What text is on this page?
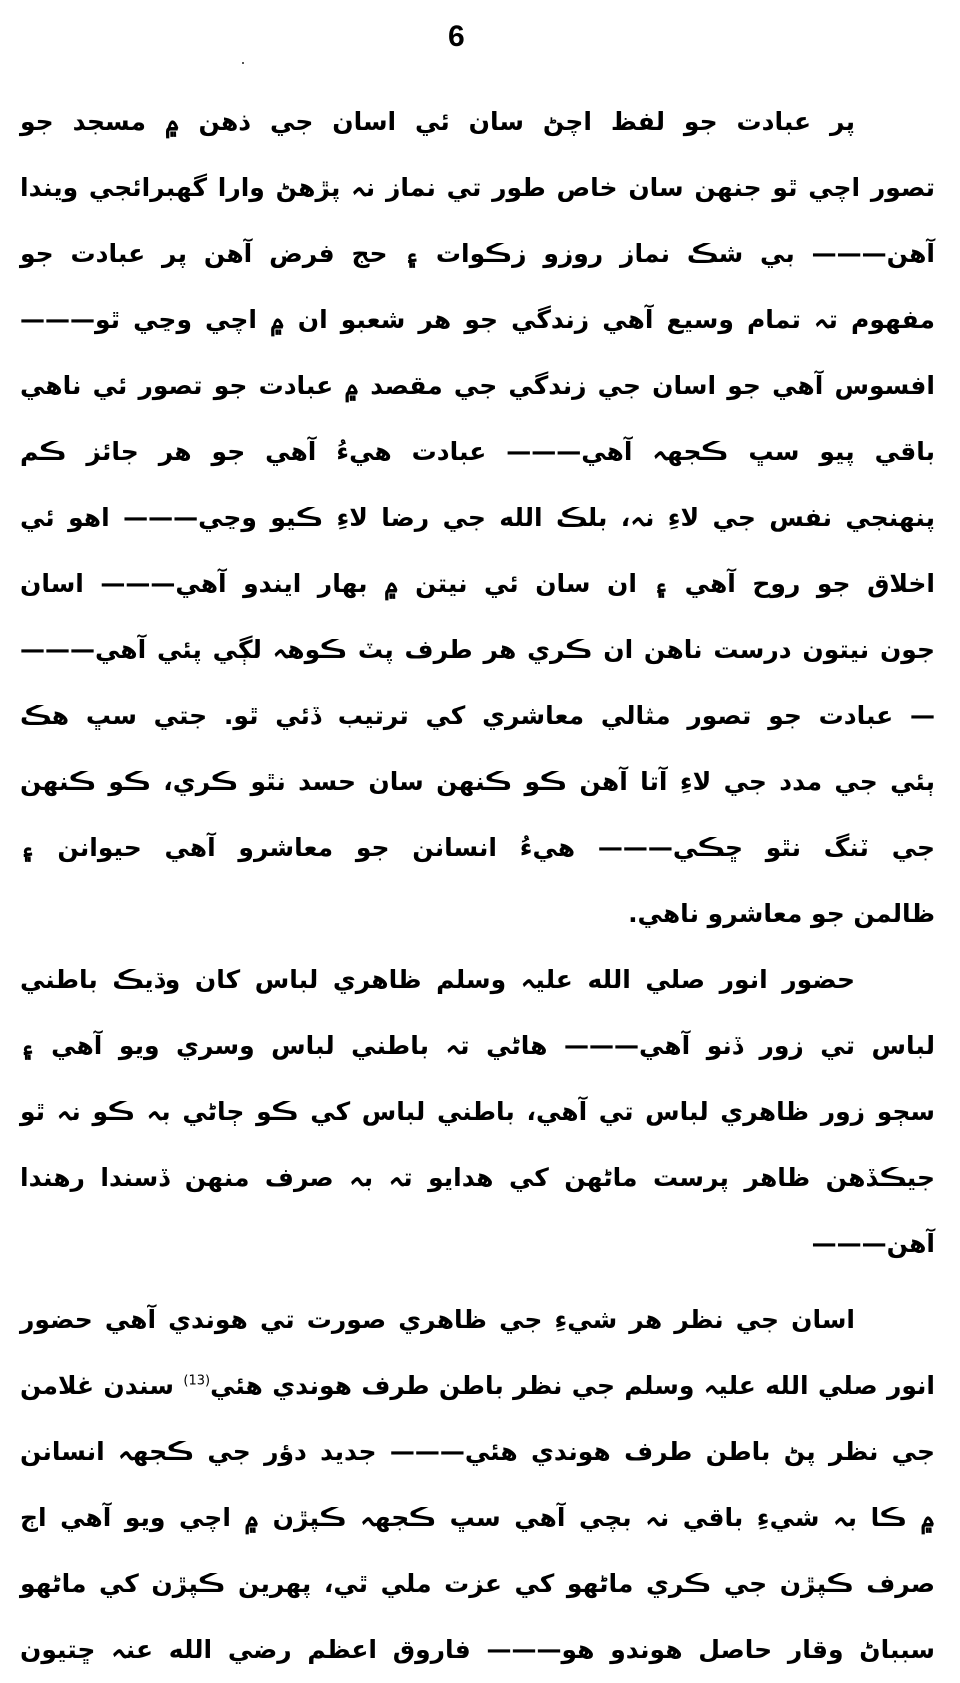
6
پر عبادت جو لفظ اچڻ سان ئي اسان جي ذهن ۾ مسجد جو
تصور اچي ٿو جنهن سان خاص طور تي نماز نہ پڙهڻ وارا گهبرائجي ويندا
آهن——— بي شڪ نماز روزو زڪوات ۽ حج فرض آهن پر عبادت جو
مفهوم تہ تمام وسيع آهي زندگي جو هر شعبو ان ۾ اچي وڃي ٿو———
افسوس آهي جو اسان جي زندگي جي مقصد ۾ عبادت جو تصور ئي ناهي
باقي پيو سڀ ڪجهہ آهي——— عبادت هيءُ آهي جو هر جائز ڪم
پنهنجي نفس جي لاءِ نہ، بلڪ الله جي رضا لاءِ ڪيو وڃي——— اهو ئي
اخلاق جو روح آهي ۽ ان سان ئي نيتن ۾ بهار ايندو آهي——— اسان
جون نيتون درست ناهن ان ڪري هر طرف پٽ ڪوهہ لڳي پئي آهي———
— عبادت جو تصور مثالي معاشري کي ترتيب ڏئي ٿو. جتي سڀ هڪ
ٻئي جي مدد جي لاءِ آتا آهن ڪو ڪنهن سان حسد نٿو ڪري، ڪو ڪنهن
جي ٽنگ نٿو ڇڪي——— هيءُ انسانن جو معاشرو آهي حيوانن ۽
ظالمن جو معاشرو ناهي.
حضور انور صلي الله عليہ وسلم ظاهري لباس کان وڌيڪ باطني
لباس تي زور ڏنو آهي——— هاڻي تہ باطني لباس وسري ويو آهي ۽
سڄو زور ظاهري لباس تي آهي، باطني لباس کي ڪو ڄاڻي بہ ڪو نہ ٿو
جيڪڏهن ظاهر پرست ماڻهن کي هدايو تہ بہ صرف منهن ڏسندا رهندا
آهن———
اسان جي نظر هر شيءِ جي ظاهري صورت تي هوندي آهي حضور
انور صلي الله عليہ وسلم جي نظر باطن طرف هوندي هئي$^{(13)}$ سندن غلامن
جي نظر پڻ باطن طرف هوندي هئي——— جديد دؤر جي ڪجهہ انسانن
۾ ڪا بہ شيءِ باقي نہ بچي آهي سڀ ڪجهہ ڪپڙن ۾ اچي ويو آهي اڄ
صرف ڪپڙن جي ڪري ماڻهو کي عزت ملي ٿي، پهرين ڪپڙن کي ماڻهو
سبباڻ وقار حاصل هوندو هو——— فاروق اعظم رضي الله عنہ ڇتيون
